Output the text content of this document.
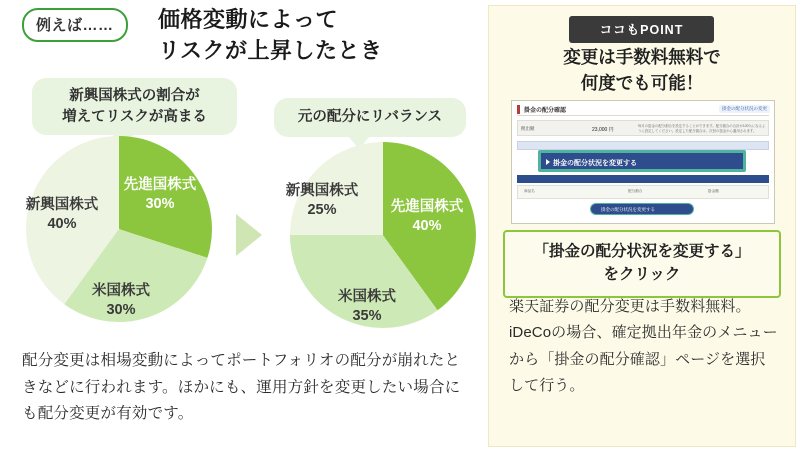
例えば……	価格変動によって
リスクが上昇したとき
新興国株式の割合が
増えてリスクが高まる	元の配分にリバランス
新興国株式
40%
先進国株式
30%
米国株式
30%
新興国株式
25%	先進国株式
40%
米国株式
35%
配分変更は相場変動によってポートフォリオの配分が崩れたときなどに行われます。ほかにも、運用方針を変更したい場合にも配分変更が有効です。
ココもPOINT
変更は手数料無料で
何度でも可能！
掛金の配分確認	掛金の配分状況の変更
拠出額	23,000 円
毎月の掛金の配分割合を設定することができます。配分割合の合計が100％になるように設定してください。設定した配分割合は、次回の掛金から適用されます。
掛金の配分状況を変更する
商品名	配分割合	掛金額
掛金の配分状況を変更する
「掛金の配分状況を変更する」
をクリック
楽天証券の配分変更は手数料無料。iDeCoの場合、確定拠出年金のメニューから「掛金の配分確認」ページを選択して行う。
